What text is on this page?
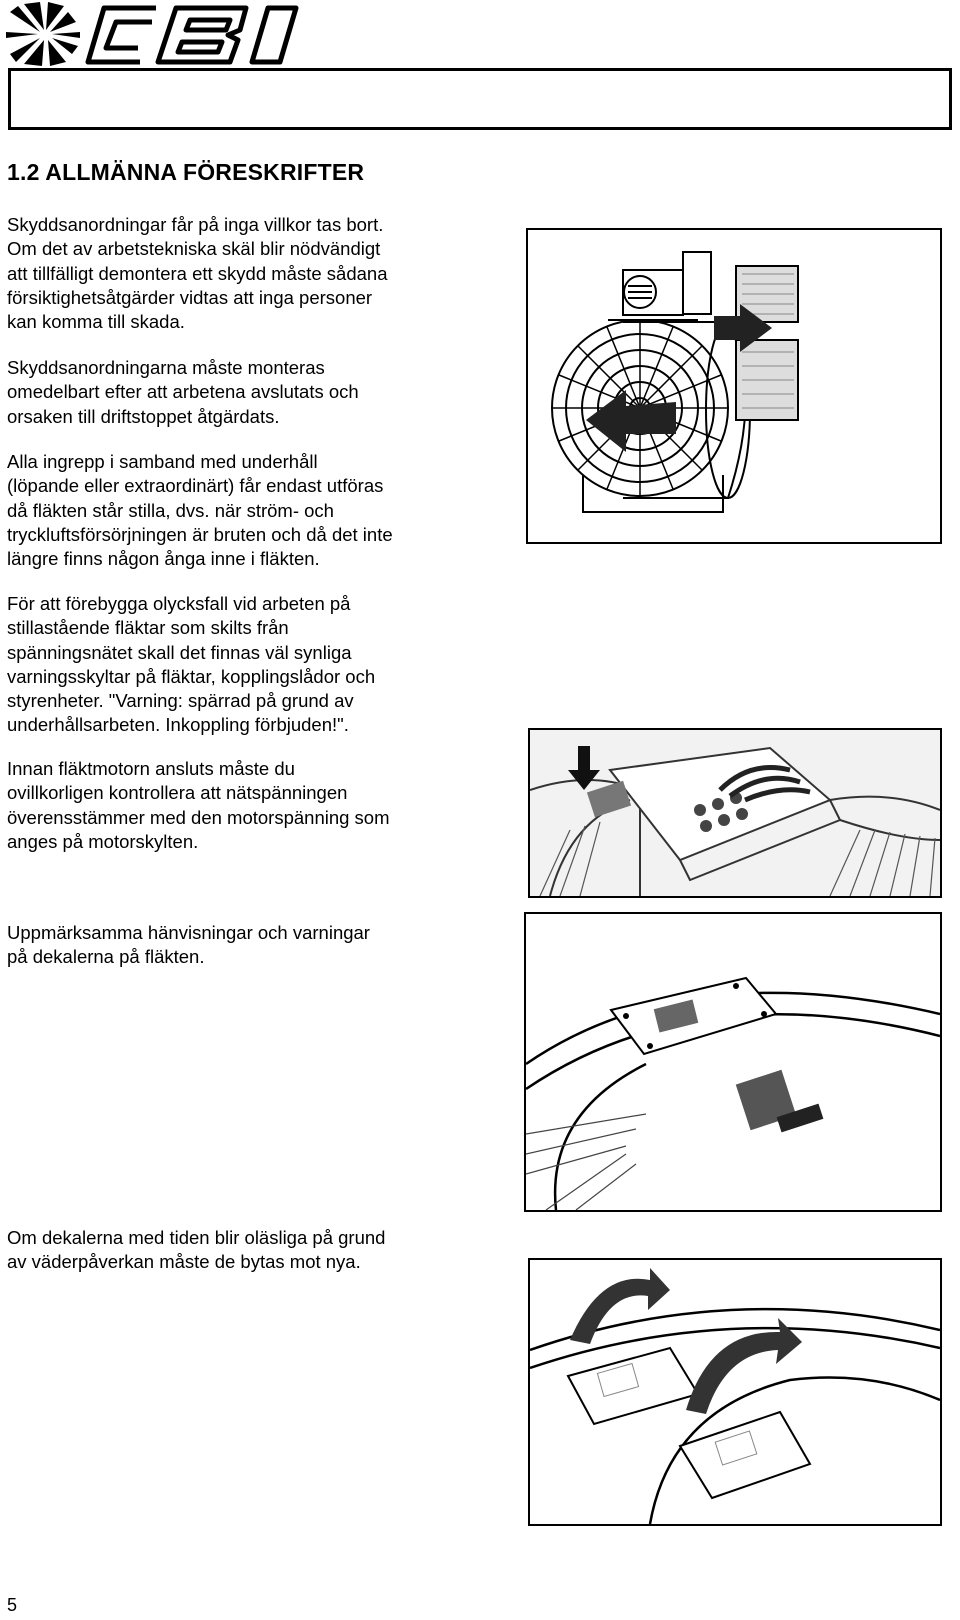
1.2 ALLMÄNNA FÖRESKRIFTER

Skyddsanordningar får på inga villkor tas bort.
Om det av arbetstekniska skäl blir nödvändigt
att tillfälligt demontera ett skydd måste sådana
försiktighetsåtgärder vidtas att inga personer
kan komma till skada.

Skyddsanordningarna måste monteras
omedelbart efter att arbetena avslutats och
orsaken till driftstoppet åtgärdats.

Alla ingrepp i samband med underhåll
(löpande eller extraordinärt) får endast utföras
då fläkten står stilla, dvs. när ström- och
tryckluftsförsörjningen är bruten och då det inte
längre finns någon ånga inne i fläkten.

För att förebygga olycksfall vid arbeten på
stillastående fläktar som skilts från
spänningsnätet skall det finnas väl synliga
varningsskyltar på fläktar, kopplingslådor och
styrenheter. "Varning: spärrad på grund av
underhållsarbeten. Inkoppling förbjuden!".

Innan fläktmotorn ansluts måste du
ovillkorligen kontrollera att nätspänningen
överensstämmer med den motorspänning som
anges på motorskylten.

Uppmärksamma hänvisningar och varningar
på dekalerna på fläkten.

Om dekalerna med tiden blir oläsliga på grund
av väderpåverkan måste de bytas mot nya.

5
